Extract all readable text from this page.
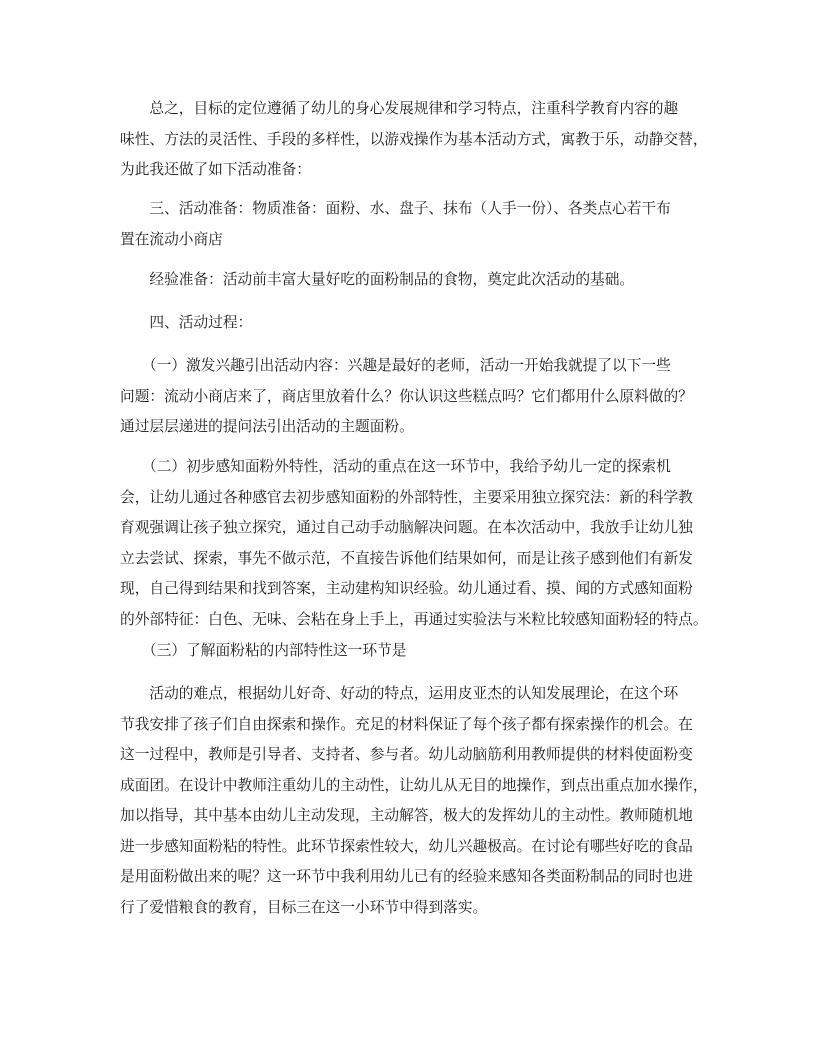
　　总之，目标的定位遵循了幼儿的身心发展规律和学习特点，注重科学教育内容的趣
味性、方法的灵活性、手段的多样性，以游戏操作为基本活动方式，寓教于乐，动静交替，
为此我还做了如下活动准备：

　　三、活动准备：物质准备：面粉、水、盘子、抹布（人手一份）、各类点心若干布
置在流动小商店

　　经验准备：活动前丰富大量好吃的面粉制品的食物，奠定此次活动的基础。

　　四、活动过程：

　　（一）激发兴趣引出活动内容：兴趣是最好的老师，活动一开始我就提了以下一些
问题：流动小商店来了，商店里放着什么？你认识这些糕点吗？它们都用什么原料做的？
通过层层递进的提问法引出活动的主题面粉。

　　（二）初步感知面粉外特性，活动的重点在这一环节中，我给予幼儿一定的探索机
会，让幼儿通过各种感官去初步感知面粉的外部特性，主要采用独立探究法：新的科学教
育观强调让孩子独立探究，通过自己动手动脑解决问题。在本次活动中，我放手让幼儿独
立去尝试、探索，事先不做示范，不直接告诉他们结果如何，而是让孩子感到他们有新发
现，自己得到结果和找到答案，主动建构知识经验。幼儿通过看、摸、闻的方式感知面粉
的外部特征：白色、无味、会粘在身上手上，再通过实验法与米粒比较感知面粉轻的特点。

　　（三）了解面粉粘的内部特性这一环节是

　　活动的难点，根据幼儿好奇、好动的特点，运用皮亚杰的认知发展理论，在这个环
节我安排了孩子们自由探索和操作。充足的材料保证了每个孩子都有探索操作的机会。在
这一过程中，教师是引导者、支持者、参与者。幼儿动脑筋利用教师提供的材料使面粉变
成面团。在设计中教师注重幼儿的主动性，让幼儿从无目的地操作，到点出重点加水操作，
加以指导，其中基本由幼儿主动发现，主动解答，极大的发挥幼儿的主动性。教师随机地
进一步感知面粉粘的特性。此环节探索性较大，幼儿兴趣极高。在讨论有哪些好吃的食品
是用面粉做出来的呢？这一环节中我利用幼儿已有的经验来感知各类面粉制品的同时也进
行了爱惜粮食的教育，目标三在这一小环节中得到落实。
